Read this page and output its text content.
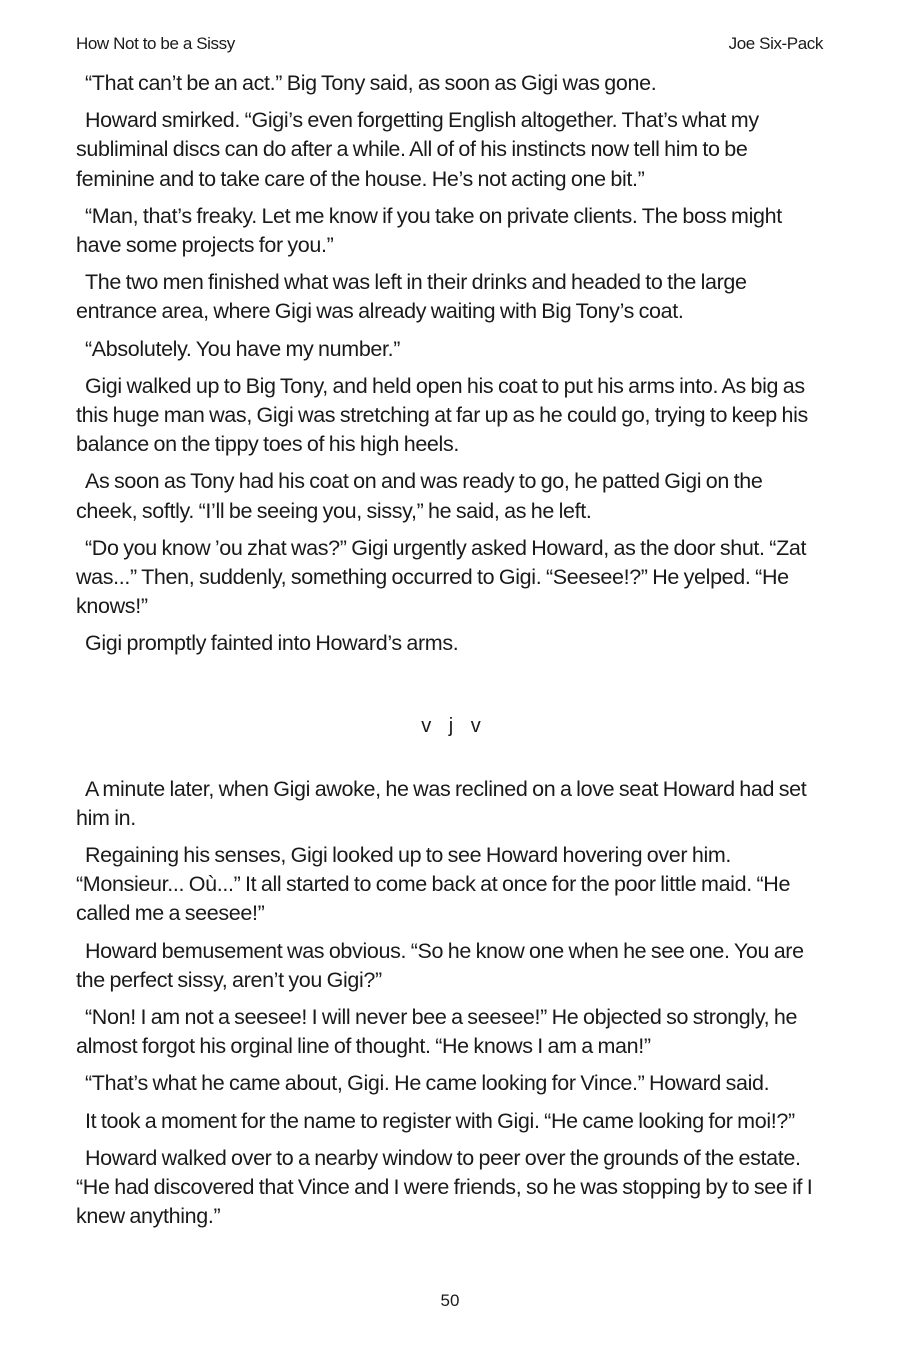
How Not to be a Sissy	Joe Six-Pack

“That can’t be an act.” Big Tony said, as soon as Gigi was gone.

Howard smirked. “Gigi’s even forgetting English altogether. That’s what my subliminal discs can do after a while. All of of his instincts now tell him to be feminine and to take care of the house. He’s not acting one bit.”

“Man, that’s freaky. Let me know if you take on private clients. The boss might have some projects for you.”

The two men finished what was left in their drinks and headed to the large entrance area, where Gigi was already waiting with Big Tony’s coat.

“Absolutely. You have my number.”

Gigi walked up to Big Tony, and held open his coat to put his arms into. As big as this huge man was, Gigi was stretching at far up as he could go, trying to keep his balance on the tippy toes of his high heels.

As soon as Tony had his coat on and was ready to go, he patted Gigi on the cheek, softly. “I’ll be seeing you, sissy,” he said, as he left.

“Do you know ’ou zhat was?” Gigi urgently asked Howard, as the door shut. “Zat was...” Then, suddenly, something occurred to Gigi. “Seesee!?” He yelped. “He knows!”

Gigi promptly fainted into Howard’s arms.

v j v

A minute later, when Gigi awoke, he was reclined on a love seat Howard had set him in.

Regaining his senses, Gigi looked up to see Howard hovering over him. “Monsieur... Où...” It all started to come back at once for the poor little maid. “He called me a seesee!”

Howard bemusement was obvious. “So he know one when he see one. You are the perfect sissy, aren’t you Gigi?”

“Non! I am not a seesee! I will never bee a seesee!” He objected so strongly, he almost forgot his orginal line of thought. “He knows I am a man!”

“That’s what he came about, Gigi. He came looking for Vince.” Howard said.

It took a moment for the name to register with Gigi. “He came looking for moi!?”

Howard walked over to a nearby window to peer over the grounds of the estate. “He had discovered that Vince and I were friends, so he was stopping by to see if I knew anything.”

50
